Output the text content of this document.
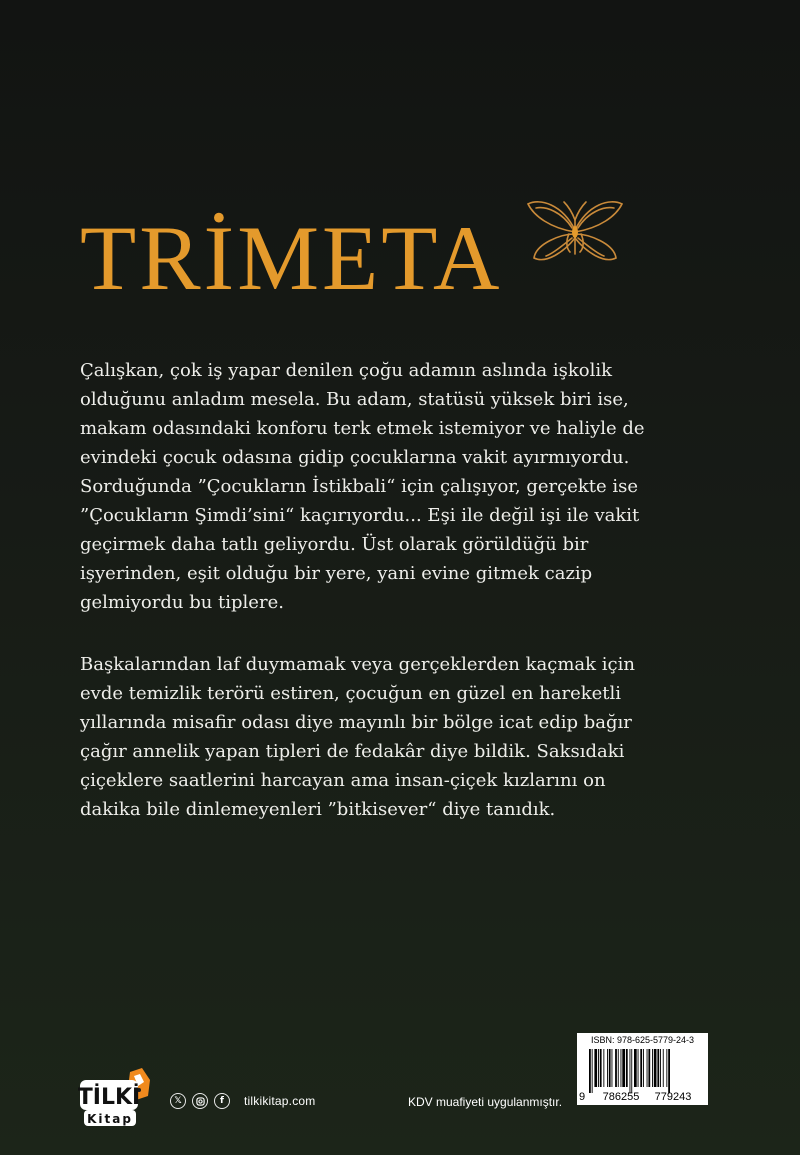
TRİMETA

Çalışkan, çok iş yapar denilen çoğu adamın aslında işkolik
olduğunu anladım mesela. Bu adam, statüsü yüksek biri ise,
makam odasındaki konforu terk etmek istemiyor ve haliyle de
evindeki çocuk odasına gidip çocuklarına vakit ayırmıyordu.
Sorduğunda ”Çocukların İstikbali“ için çalışıyor, gerçekte ise
”Çocukların Şimdi’sini“ kaçırıyordu... Eşi ile değil işi ile vakit
geçirmek daha tatlı geliyordu. Üst olarak görüldüğü bir
işyerinden, eşit olduğu bir yere, yani evine gitmek cazip
gelmiyordu bu tiplere.

Başkalarından laf duymamak veya gerçeklerden kaçmak için
evde temizlik terörü estiren, çocuğun en güzel en hareketli
yıllarında misafir odası diye mayınlı bir bölge icat edip bağır
çağır annelik yapan tipleri de fedakâr diye bildik. Saksıdaki
çiçeklere saatlerini harcayan ama insan-çiçek kızlarını on
dakika bile dinlemeyenleri ”bitkisever“ diye tanıdık.

TİLKİ
Kitap
𝕏	f	tilkikitap.com	KDV muafiyeti uygulanmıştır.
ISBN: 978-625-5779-24-3
9 786255 779243
